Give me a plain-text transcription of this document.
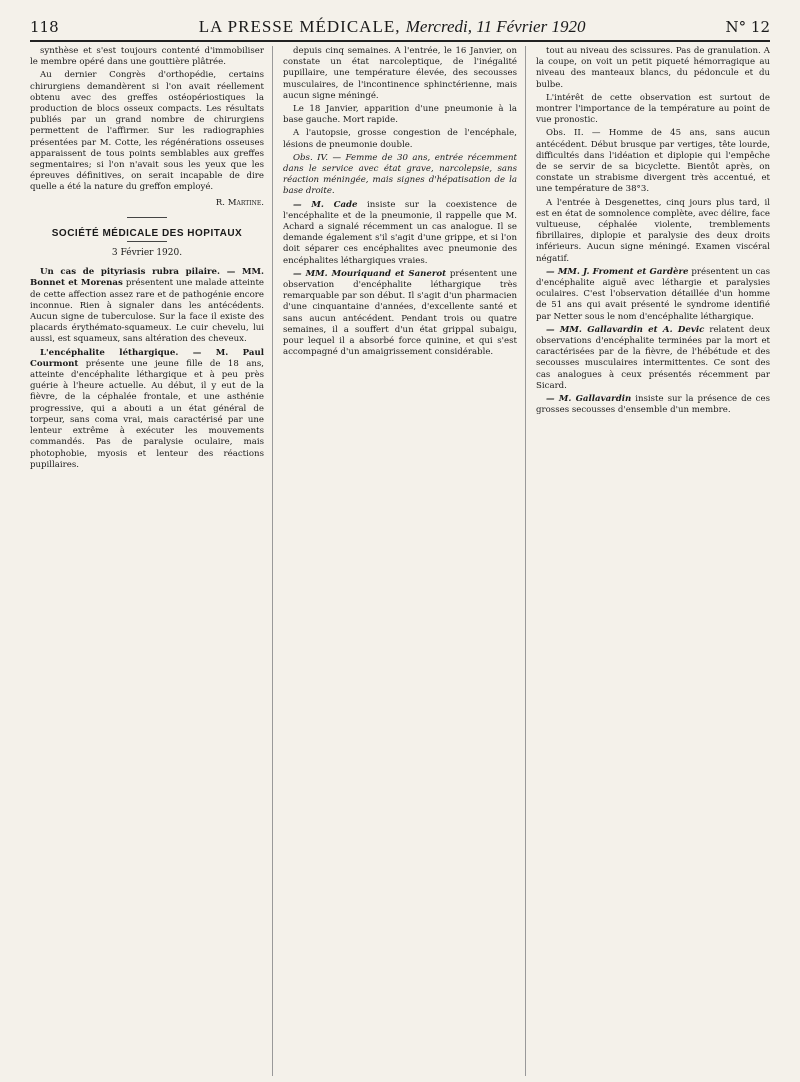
118	LA PRESSE MÉDICALE, Mercredi, 11 Février 1920	N° 12

synthèse et s'est toujours contenté d'immobiliser le membre opéré dans une gouttière plâtrée.

Au dernier Congrès d'orthopédie, certains chirurgiens demandèrent si l'on avait réellement obtenu avec des greffes ostéopériostiques la production de blocs osseux compacts. Les résultats publiés par un grand nombre de chirurgiens permettent de l'affirmer. Sur les radiographies présentées par M. Cotte, les régénérations osseuses apparaissent de tous points semblables aux greffes segmentaires; si l'on n'avait sous les yeux que les épreuves définitives, on serait incapable de dire quelle a été la nature du greffon employé.

R. Martine.

SOCIÉTÉ MÉDICALE DES HOPITAUX
3 Février 1920.

Un cas de pityriasis rubra pilaire. — MM. Bonnet et Morenas présentent une malade atteinte de cette affection assez rare et de pathogénie encore inconnue. Rien à signaler dans les antécédents. Aucun signe de tuberculose. Sur la face il existe des placards érythémato-squameux. Le cuir chevelu, lui aussi, est squameux, sans altération des cheveux.

L'encéphalite léthargique. — M. Paul Courmont présente une jeune fille de 18 ans, atteinte d'encéphalite léthargique et à peu près guérie à l'heure actuelle. Au début, il y eut de la fièvre, de la céphalée frontale, et une asthénie progressive, qui a abouti a un état général de torpeur, sans coma vrai, mais caractérisé par une lenteur extrême à exécuter les mouvements commandés. Pas de paralysie oculaire, mais photophobie, myosis et lenteur des réactions pupillaires.

depuis cinq semaines. A l'entrée, le 16 Janvier, on constate un état narcoleptique, de l'inégalité pupillaire, une température élevée, des secousses musculaires, de l'incontinence sphinctérienne, mais aucun signe méningé.

Le 18 Janvier, apparition d'une pneumonie à la base gauche. Mort rapide.

A l'autopsie, grosse congestion de l'encéphale, lésions de pneumonie double.

Obs. IV. — Femme de 30 ans, entrée récemment dans le service avec état grave, narcolepsie, sans réaction méningée, mais signes d'hépatisation de la base droite.

— M. Cade insiste sur la coexistence de l'encéphalite et de la pneumonie, il rappelle que M. Achard a signalé récemment un cas analogue. Il se demande également s'il s'agit d'une grippe, et si l'on doit séparer ces encéphalites avec pneumonie des encéphalites léthargiques vraies.

— MM. Mouriquand et Sanerot présentent une observation d'encéphalite léthargique très remarquable par son début. Il s'agit d'un pharmacien d'une cinquantaine d'années, d'excellente santé et sans aucun antécédent. Pendant trois ou quatre semaines, il a souffert d'un état grippal subaigu, pour lequel il a absorbé force quinine, et qui s'est accompagné d'un amaigrissement considérable.

tout au niveau des scissures. Pas de granulation. A la coupe, on voit un petit piqueté hémorragique au niveau des manteaux blancs, du pédoncule et du bulbe.

L'intérêt de cette observation est surtout de montrer l'importance de la température au point de vue pronostic.

Obs. II. — Homme de 45 ans, sans aucun antécédent. Début brusque par vertiges, tête lourde, difficultés dans l'idéation et diplopie qui l'empêche de se servir de sa bicyclette. Bientôt après, on constate un strabisme divergent très accentué, et une température de 38°3.

A l'entrée à Desgenettes, cinq jours plus tard, il est en état de somnolence complète, avec délire, face vultueuse, céphalée violente, tremblements fibrillaires, diplopie et paralysie des deux droits inférieurs. Aucun signe méningé. Examen viscéral négatif.

— MM. J. Froment et Gardère présentent un cas d'encéphalite aiguë avec léthargie et paralysies oculaires. C'est l'observation détaillée d'un homme de 51 ans qui avait présenté le syndrome identifié par Netter sous le nom d'encéphalite léthargique.

— MM. Gallavardin et A. Devic relatent deux observations d'encéphalite terminées par la mort et caractérisées par de la fièvre, de l'hébétude et des secousses musculaires intermittentes. Ce sont des cas analogues à ceux présentés récemment par Sicard.

— M. Gallavardin insiste sur la présence de ces grosses secousses d'ensemble d'un membre.
